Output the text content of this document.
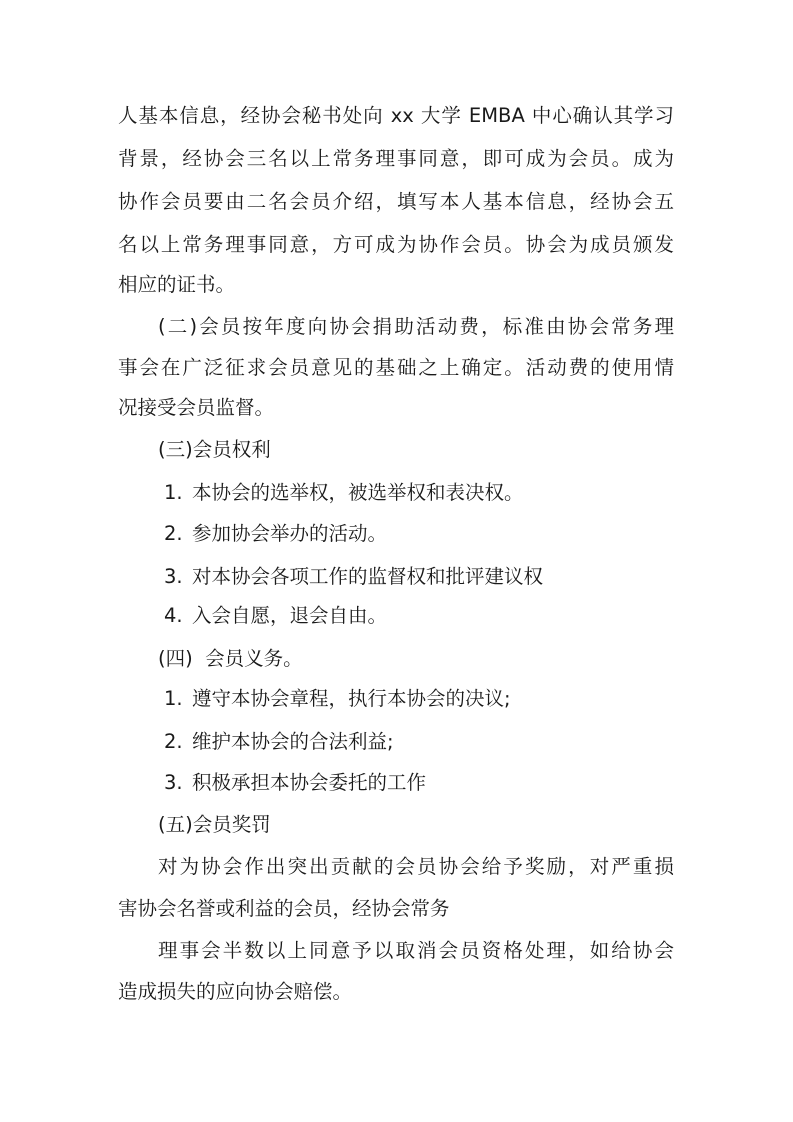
人基本信息，经协会秘书处向 xx 大学 EMBA 中心确认其学习
背景，经协会三名以上常务理事同意，即可成为会员。成为
协作会员要由二名会员介绍，填写本人基本信息，经协会五
名以上常务理事同意，方可成为协作会员。协会为成员颁发
相应的证书。
(二)会员按年度向协会捐助活动费，标准由协会常务理
事会在广泛征求会员意见的基础之上确定。活动费的使用情
况接受会员监督。
(三)会员权利
1. 本协会的选举权，被选举权和表决权。
2. 参加协会举办的活动。
3. 对本协会各项工作的监督权和批评建议权
4. 入会自愿，退会自由。
(四)  会员义务。
1. 遵守本协会章程，执行本协会的决议;
2. 维护本协会的合法利益;
3. 积极承担本协会委托的工作
(五)会员奖罚
对为协会作出突出贡献的会员协会给予奖励，对严重损
害协会名誉或利益的会员，经协会常务
理事会半数以上同意予以取消会员资格处理，如给协会
造成损失的应向协会赔偿。
